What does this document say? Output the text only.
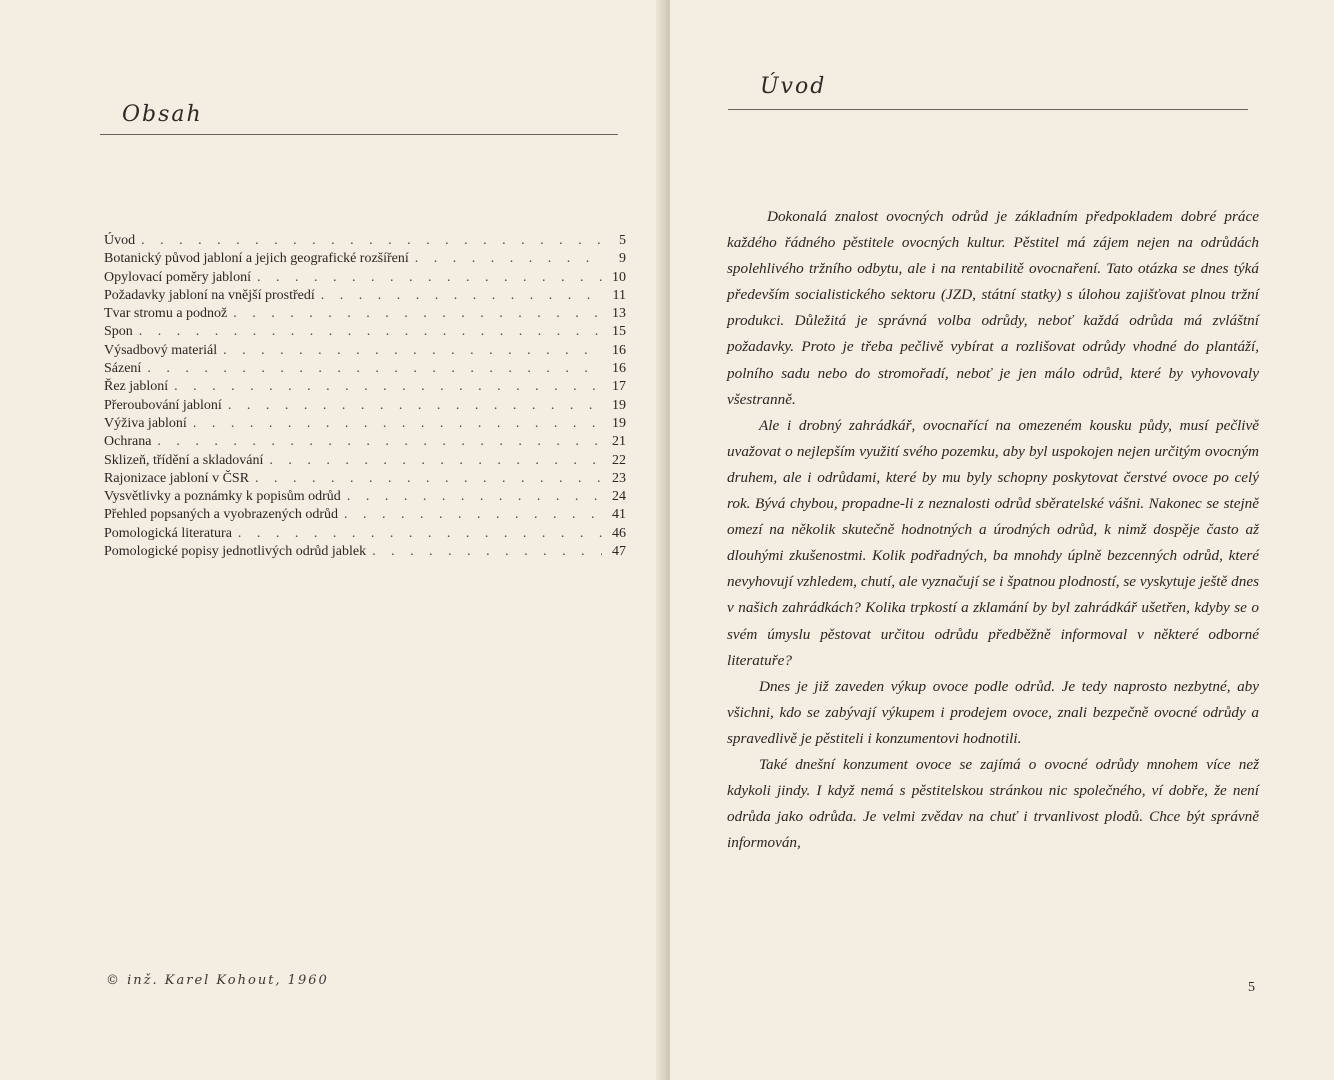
Obsah
Úvod . . .	5
Botanický původ jabloní a jejich geografické rozšíření . . .	9
Opylovací poměry jabloní . . .	10
Požadavky jabloní na vnější prostředí . . .	11
Tvar stromu a podnož . . .	13
Spon . . .	15
Výsadbový materiál . . .	16
Sázení . . .	16
Řez jabloní . . .	17
Přeroubování jabloní . . .	19
Výživa jabloní . . .	19
Ochrana . . .	21
Sklizeň, třídění a skladování . . .	22
Rajonizace jabloní v ČSR . . .	23
Vysvětlivky a poznámky k popisům odrůd . . .	24
Přehled popsaných a vyobrazených odrůd . . .	41
Pomologická literatura . . .	46
Pomologické popisy jednotlivých odrůd jablek . . .	47
© inž. Karel Kohout, 1960
Úvod

Dokonalá znalost ovocných odrůd je základním předpokladem dobré práce každého řádného pěstitele ovocných kultur. Pěstitel má zájem nejen na odrůdách spolehlivého tržního odbytu, ale i na rentabilitě ovocnaření. Tato otázka se dnes týká především socialistického sektoru (JZD, státní statky) s úlohou zajišťovat plnou tržní produkci. Důležitá je správná volba odrůdy, neboť každá odrůda má zvláštní požadavky. Proto je třeba pečlivě vybírat a rozlišovat odrůdy vhodné do plantáží, polního sadu nebo do stromořadí, neboť je jen málo odrůd, které by vyhovovaly všestranně.

Ale i drobný zahrádkář, ovocnařící na omezeném kousku půdy, musí pečlivě uvažovat o nejlepším využití svého pozemku, aby byl uspokojen nejen určitým ovocným druhem, ale i odrůdami, které by mu byly schopny poskytovat čerstvé ovoce po celý rok. Bývá chybou, propadne-li z neznalosti odrůd sběratelské vášni. Nakonec se stejně omezí na několik skutečně hodnotných a úrodných odrůd, k nimž dospěje často až dlouhými zkušenostmi. Kolik podřadných, ba mnohdy úplně bezcenných odrůd, které nevyhovují vzhledem, chutí, ale vyznačují se i špatnou plodností, se vyskytuje ještě dnes v našich zahrádkách? Kolika trpkostí a zklamání by byl zahrádkář ušetřen, kdyby se o svém úmyslu pěstovat určitou odrůdu předběžně informoval v některé odborné literatuře?

Dnes je již zaveden výkup ovoce podle odrůd. Je tedy naprosto nezbytné, aby všichni, kdo se zabývají výkupem i prodejem ovoce, znali bezpečně ovocné odrůdy a spravedlivě je pěstiteli i konzumentovi hodnotili.

Také dnešní konzument ovoce se zajímá o ovocné odrůdy mnohem více než kdykoli jindy. I když nemá s pěstitelskou stránkou nic společného, ví dobře, že není odrůda jako odrůda. Je velmi zvědav na chuť i trvanlivost plodů. Chce být správně informován,

5
